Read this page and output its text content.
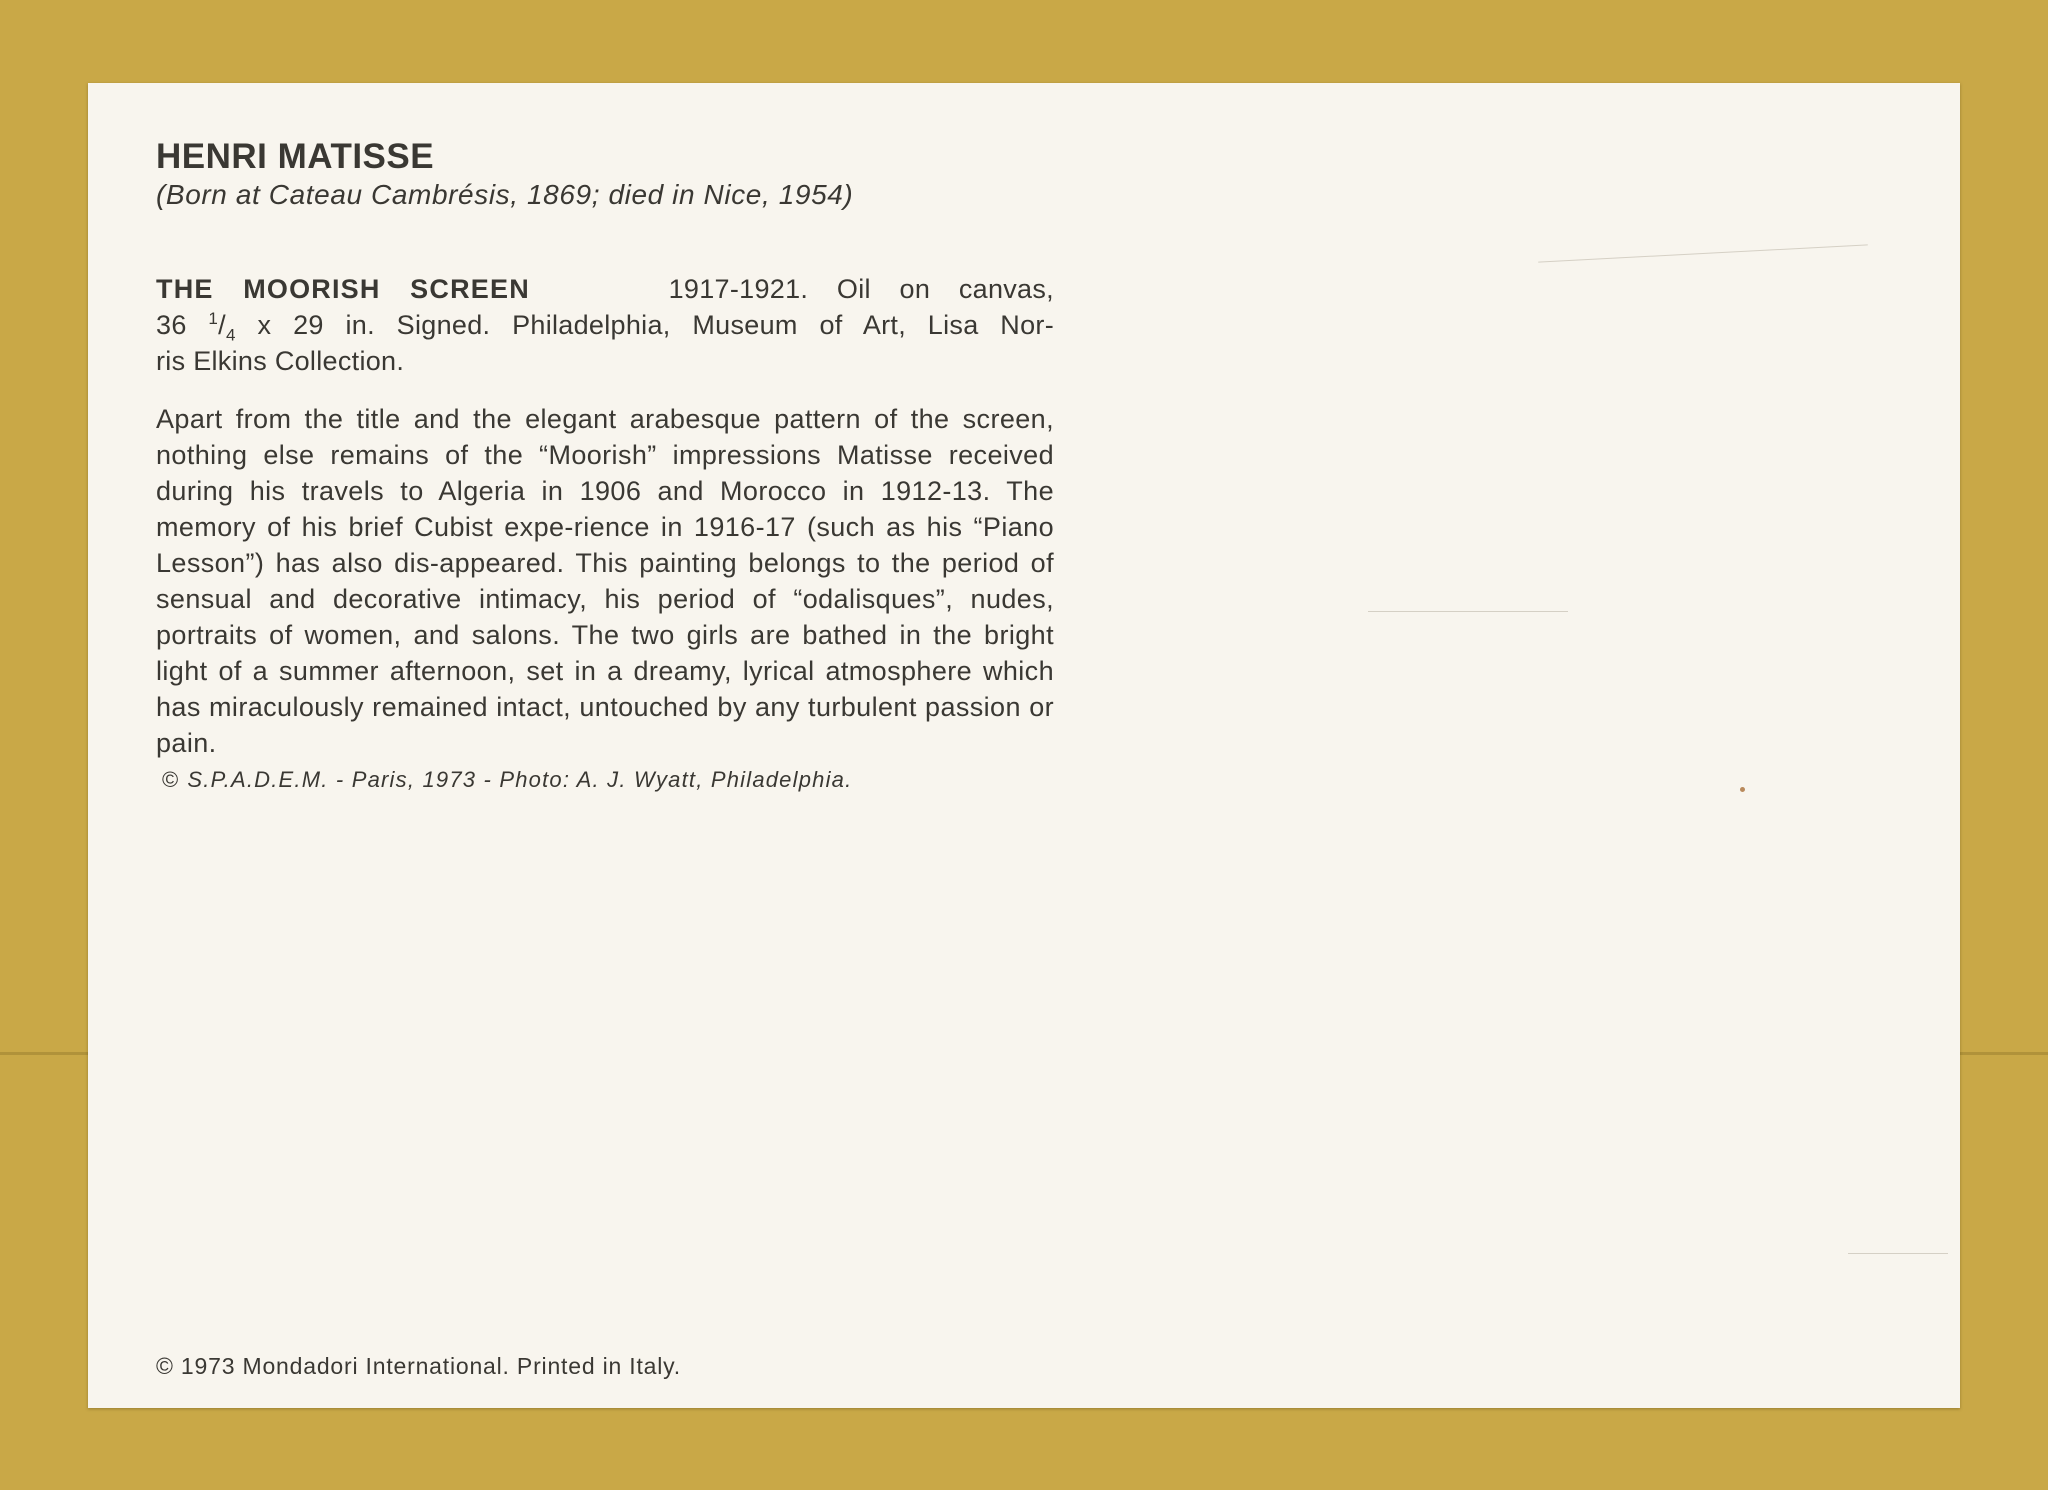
HENRI MATISSE

(Born at Cateau Cambrésis, 1869; died in Nice, 1954)

THE MOORISH SCREEN	1917-1921. Oil on canvas,
36 $^1/_4$ x 29 in. Signed. Philadelphia, Museum of Art, Lisa Nor-
ris Elkins Collection.

Apart from the title and the elegant arabesque pattern of the screen, nothing else remains of the “Moorish” impressions Matisse received during his travels to Algeria in 1906 and Morocco in 1912-13. The memory of his brief Cubist expe-rience in 1916-17 (such as his “Piano Lesson”) has also dis-appeared. This painting belongs to the period of sensual and decorative intimacy, his period of “odalisques”, nudes, portraits of women, and salons. The two girls are bathed in the bright light of a summer afternoon, set in a dreamy, lyrical atmosphere which has miraculously remained intact, untouched by any turbulent passion or pain.

© S.P.A.D.E.M. - Paris, 1973 - Photo: A. J. Wyatt, Philadelphia.

© 1973 Mondadori International. Printed in Italy.
